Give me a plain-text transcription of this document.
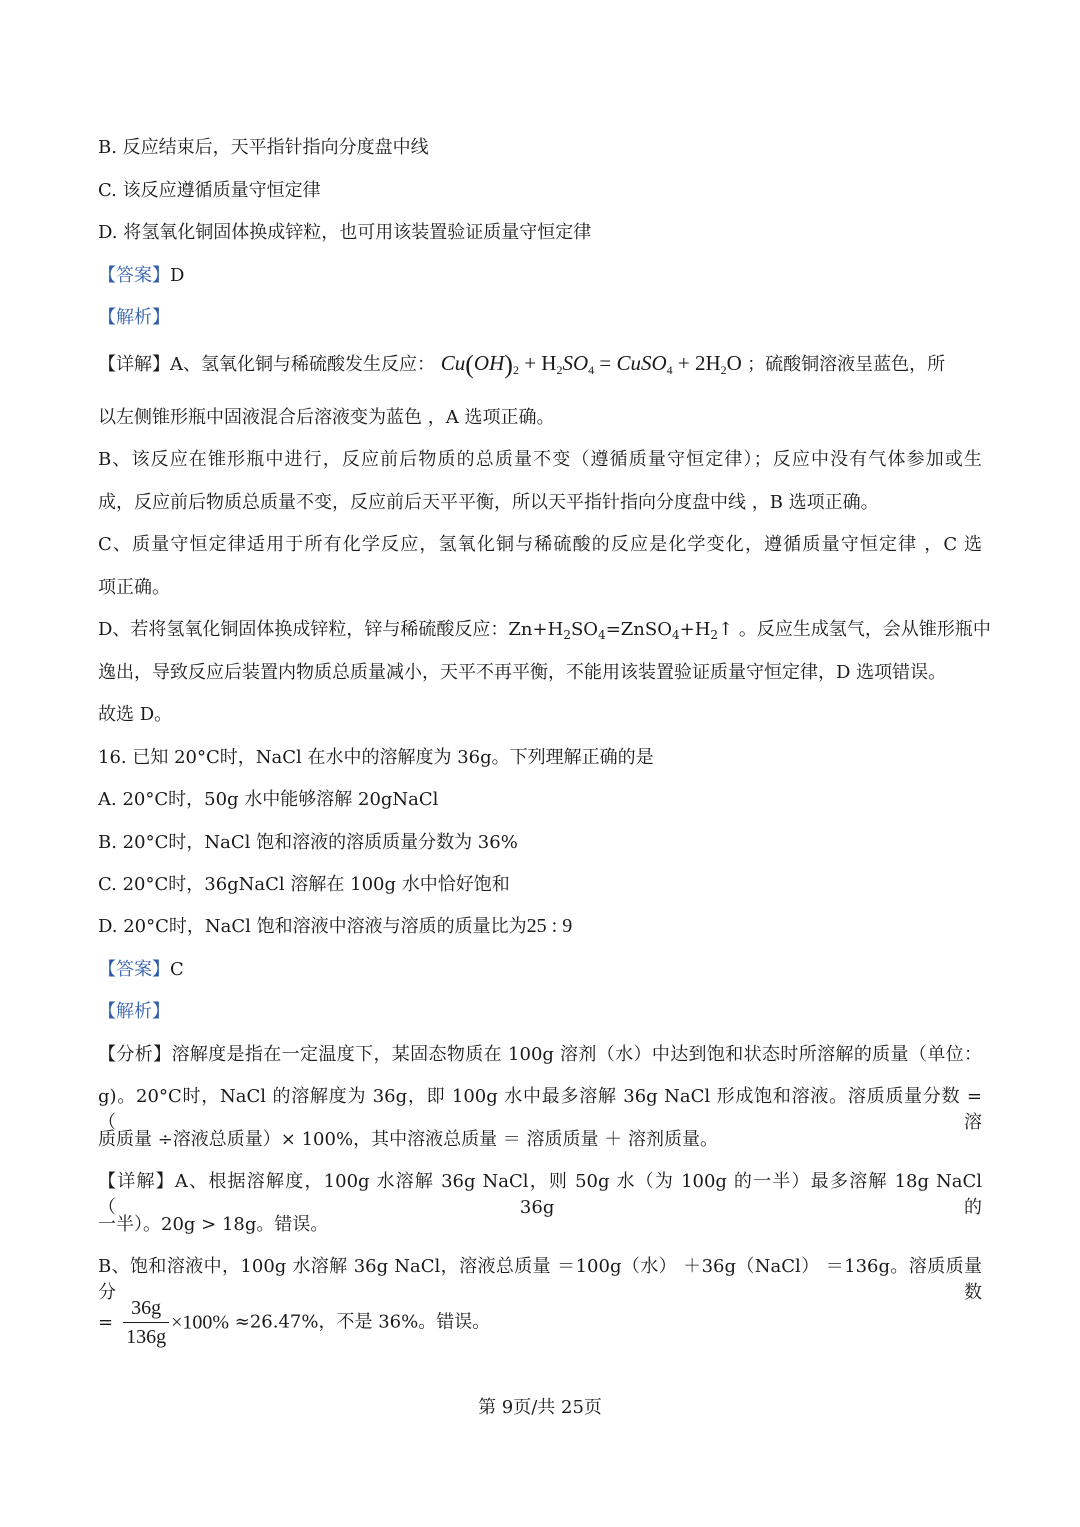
B. 反应结束后，天平指针指向分度盘中线
C. 该反应遵循质量守恒定律
D. 将氢氧化铜固体换成锌粒，也可用该装置验证质量守恒定律
【答案】D
【解析】
【详解】A、氢氧化铜与稀硫酸发生反应： $Cu(OH)_2 + H_2SO_4$ = CuSO$_4$ + $2H_2O$ ；硫酸铜溶液呈蓝色，所
以左侧锥形瓶中固液混合后溶液变为蓝色 ，A 选项正确。
B、该反应在锥形瓶中进行，反应前后物质的总质量不变（遵循质量守恒定律）；反应中没有气体参加或生
成，反应前后物质总质量不变，反应前后天平平衡，所以天平指针指向分度盘中线 ，B 选项正确。
C、质量守恒定律适用于所有化学反应，氢氧化铜与稀硫酸的反应是化学变化，遵循质量守恒定律 ，C 选
项正确。
D、若将氢氧化铜固体换成锌粒，锌与稀硫酸反应：$Zn+H_2SO_4=ZnSO_4+H_2↑$ 。反应生成氢气，会从锥形瓶中
逸出，导致反应后装置内物质总质量减小，天平不再平衡，不能用该装置验证质量守恒定律，D 选项错误。
故选 D。
16. 已知 20°C时，NaCl 在水中的溶解度为 36g。下列理解正确的是
A. 20°C时，50g 水中能够溶解 20gNaCl
B. 20°C时，NaCl 饱和溶液的溶质质量分数为 36%
C. 20°C时，36gNaCl 溶解在 100g 水中恰好饱和
D. 20°C时，NaCl 饱和溶液中溶液与溶质的质量比为25 : 9
【答案】C
【解析】
【分析】溶解度是指在一定温度下，某固态物质在 100g 溶剂（水）中达到饱和状态时所溶解的质量（单位：
g)。20°C时，NaCl 的溶解度为 36g，即 100g 水中最多溶解 36g NaCl 形成饱和溶液。溶质质量分数 =（溶
质质量 ÷溶液总质量）× 100%，其中溶液总质量 ＝ 溶质质量 ＋ 溶剂质量。
【详解】A、根据溶解度，100g 水溶解 36g NaCl，则 50g 水（为 100g 的一半）最多溶解 18g NaCl（36g 的
一半）。20g > 18g。错误。
B、饱和溶液中，100g 水溶解 36g NaCl，溶液总质量 ＝100g（水） ＋36g（NaCl） ＝136g。溶质质量分数
= $\frac{36g}{136g} \times 100\% \approx 26.47\%$，不是 36%。错误。
第 9页/共 25页
